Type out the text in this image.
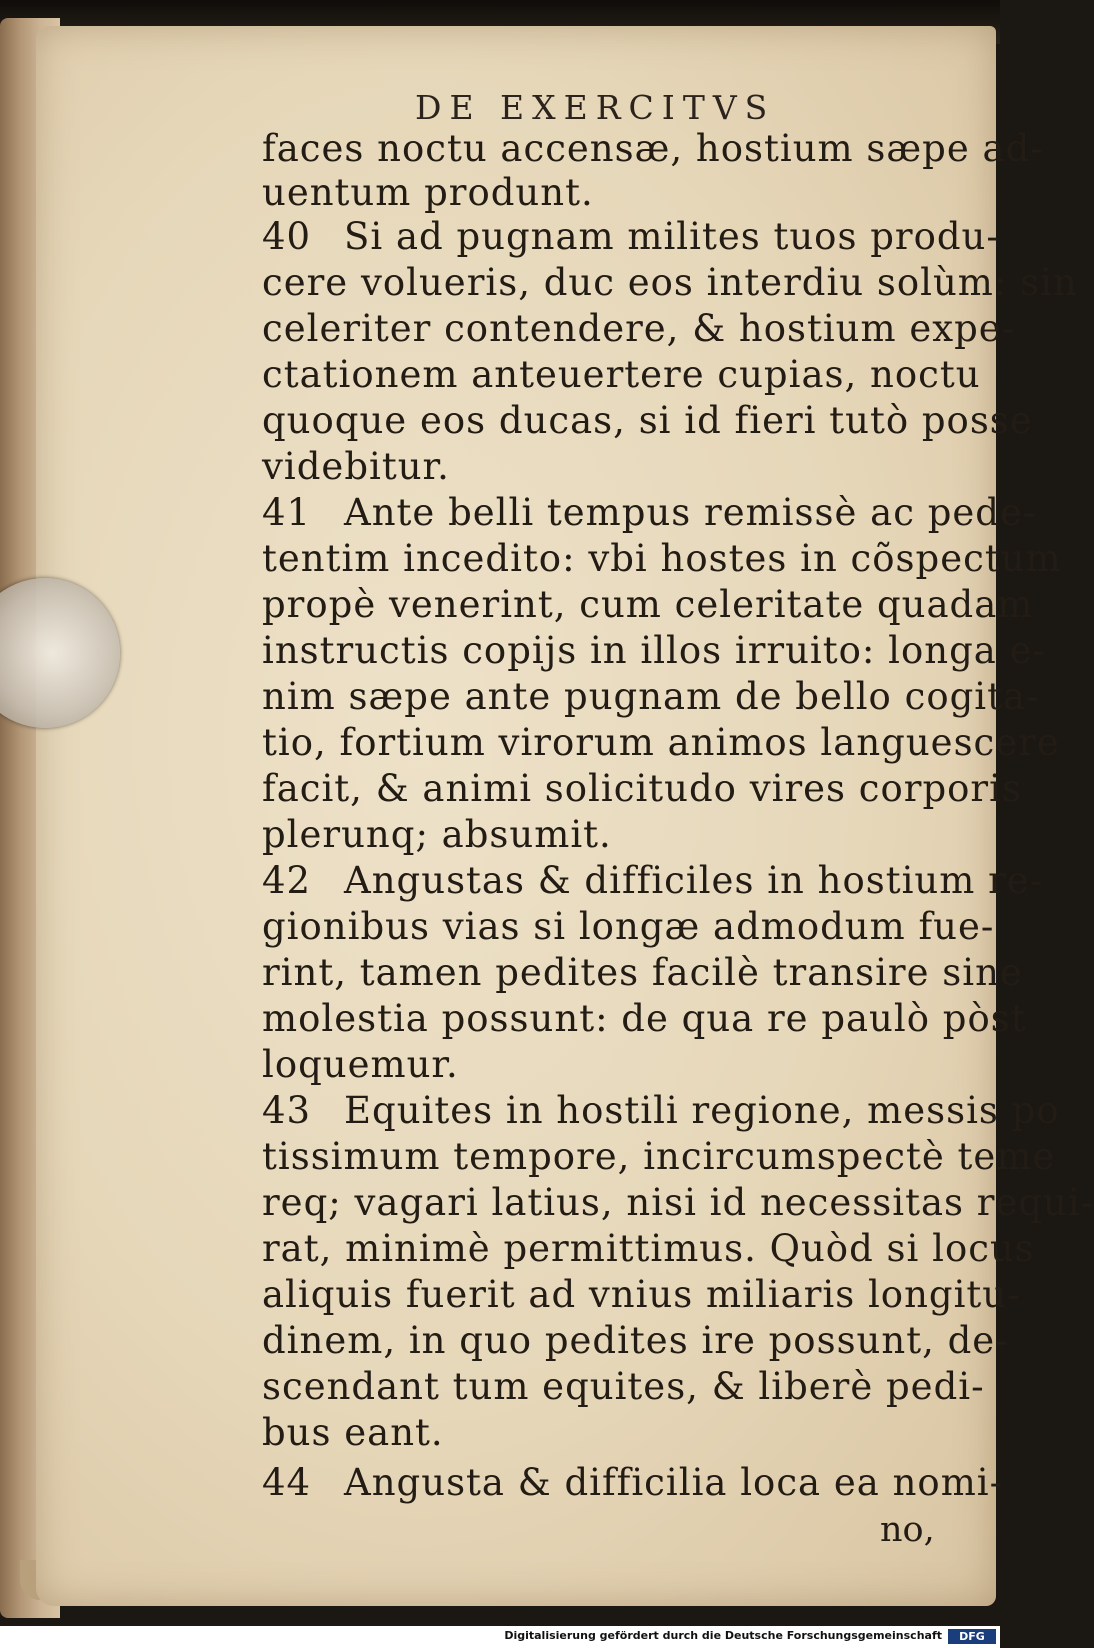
DE EXERCITVS
faces noctu accensæ, hostium sæpe ad-
uentum produnt.
40 Si ad pugnam milites tuos produ-
cere volueris, duc eos interdiu solùm: sin
celeriter contendere, & hostium expe-
ctationem anteuertere cupias, noctu
quoque eos ducas, si id fieri tutò posse
videbitur.
41 Ante belli tempus remissè ac pede-
tentim incedito: vbi hostes in cõspectum
propè venerint, cum celeritate quadam
instructis copijs in illos irruito: longa e-
nim sæpe ante pugnam de bello cogita-
tio, fortium virorum animos languescere
facit, & animi solicitudo vires corporis
plerunq; absumit.
42 Angustas & difficiles in hostium re-
gionibus vias si longæ admodum fue-
rint, tamen pedites facilè transire sine
molestia possunt: de qua re paulò pòst
loquemur.
43 Equites in hostili regione, messis po
tissimum tempore, incircumspectè teme
req; vagari latius, nisi id necessitas requi-
rat, minimè permittimus. Quòd si locus
aliquis fuerit ad vnius miliaris longitu-
dinem, in quo pedites ire possunt, de-
scendant tum equites, & liberè pedi-
bus eant.
44 Angusta & difficilia loca ea nomi-
no,
Digitalisierung gefördert durch die Deutsche Forschungsgemeinschaft	DFG
